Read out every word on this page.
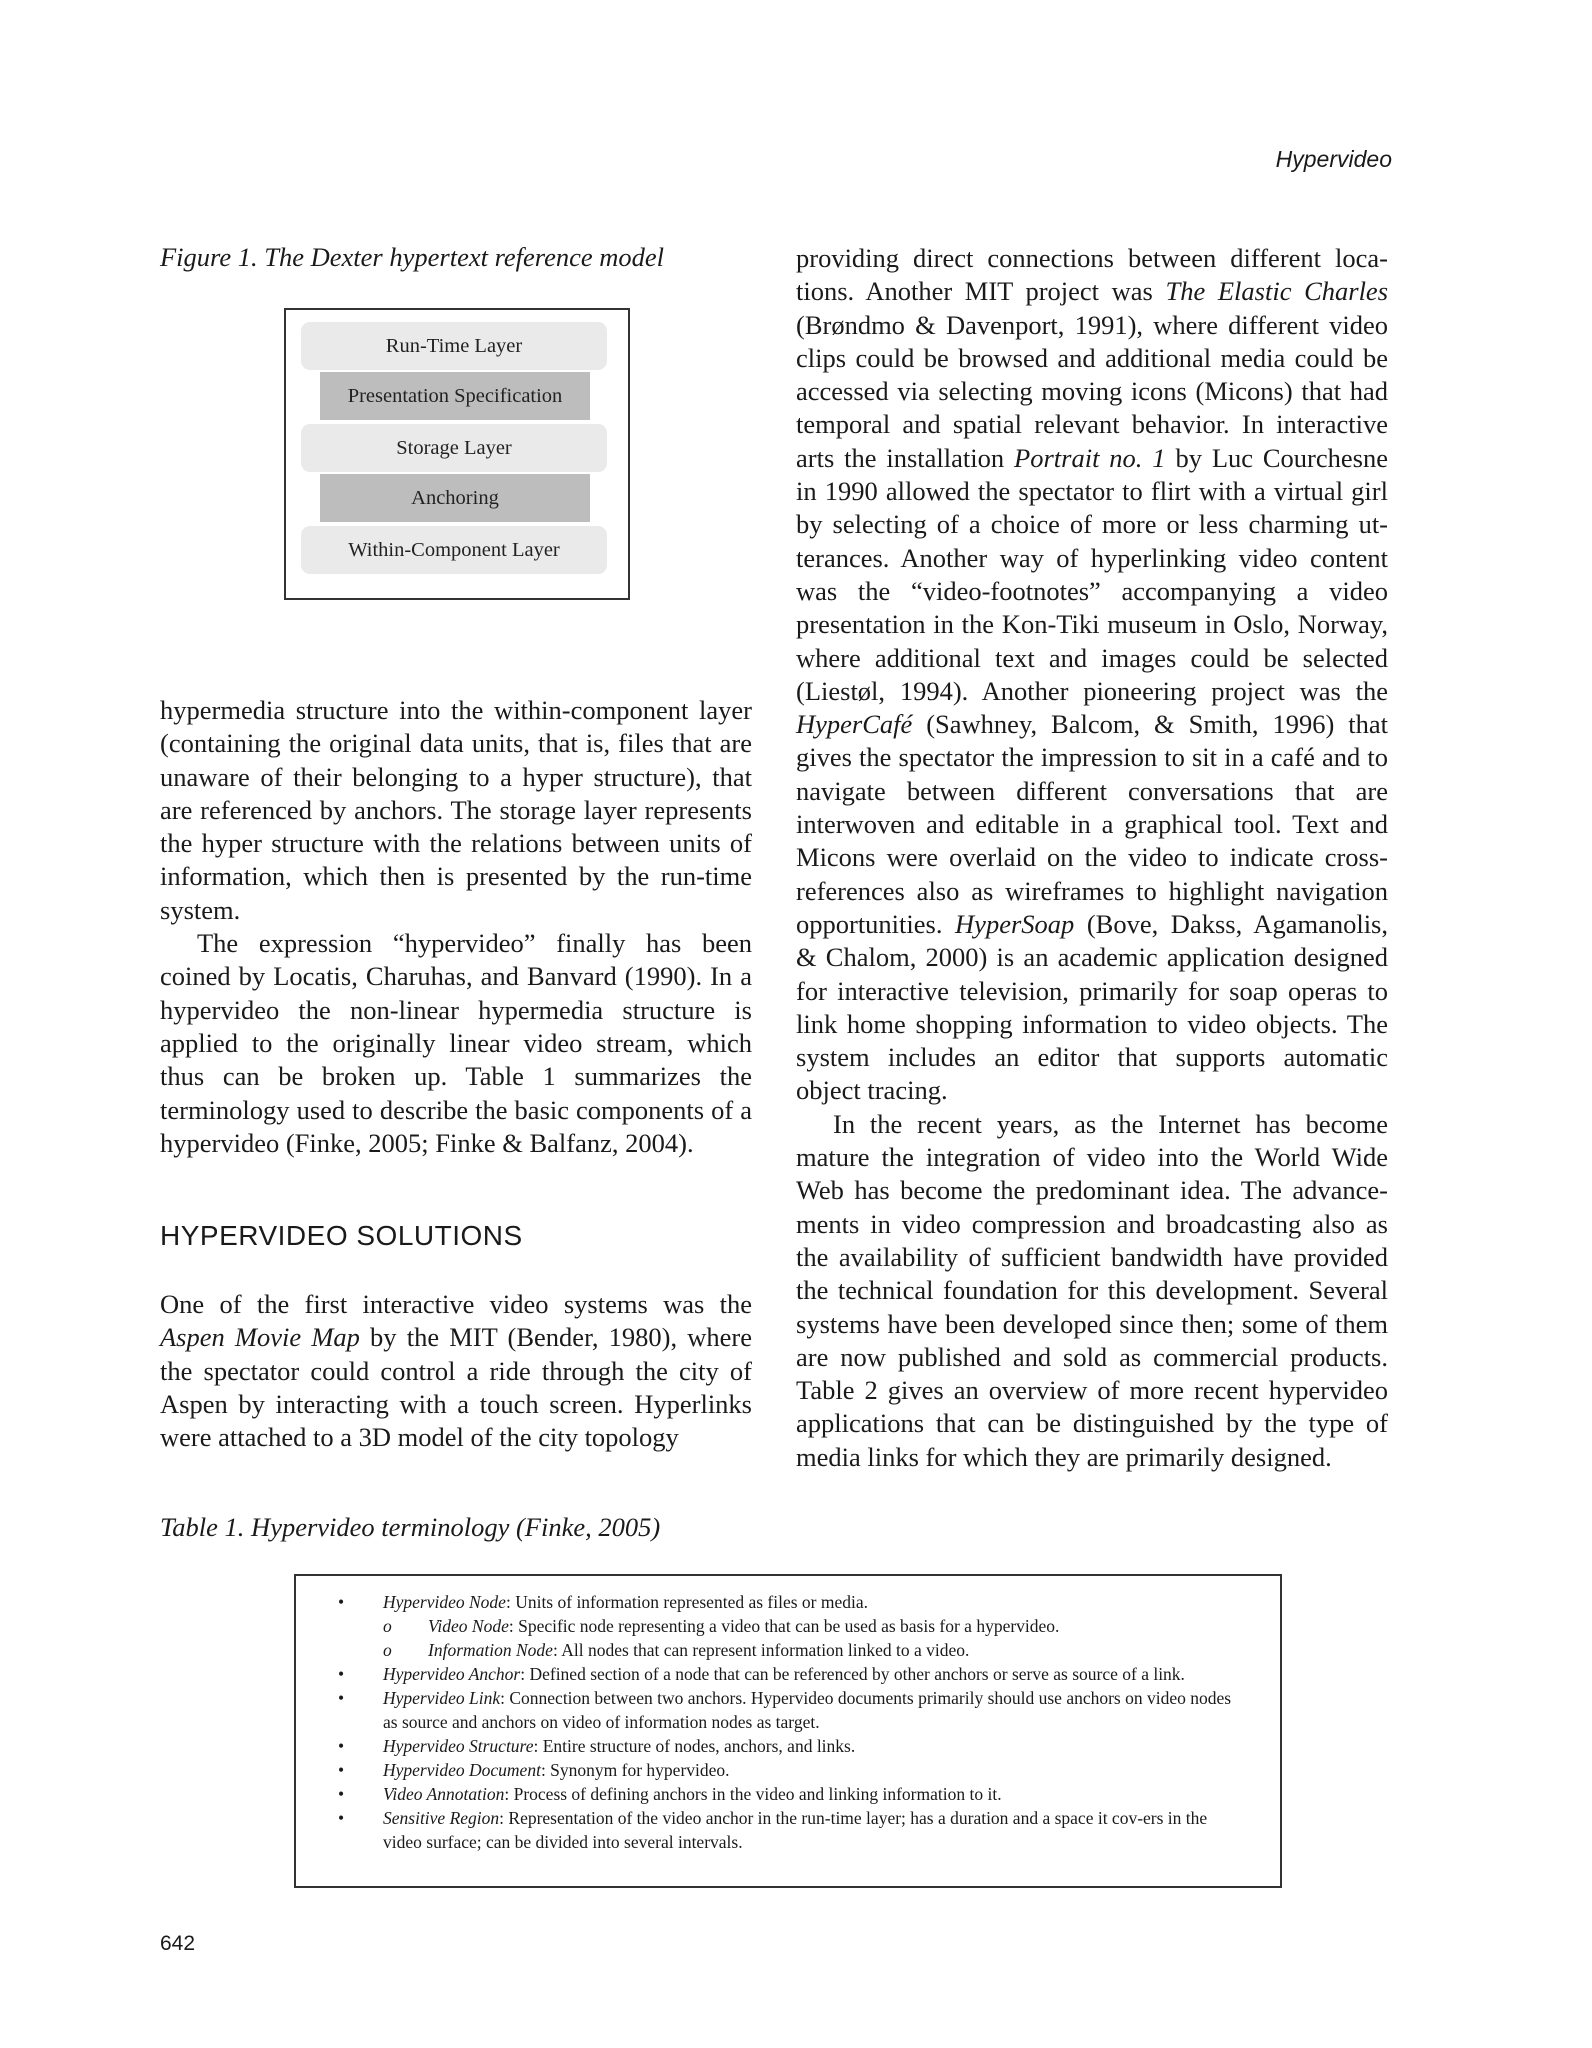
Hypervideo
Figure 1. The Dexter hypertext reference model
Run-Time Layer
Presentation Specification
Storage Layer
Anchoring
Within-Component Layer

hypermedia structure into the within-component layer (containing the original data units, that is, files that are unaware of their belonging to a hyper structure), that are referenced by anchors. The storage layer represents the hyper structure with the relations between units of information, which then is presented by the run-time system.

The expression “hypervideo” finally has been coined by Locatis, Charuhas, and Banvard (1990). In a hypervideo the non-linear hypermedia structure is applied to the originally linear video stream, which thus can be broken up. Table 1 summarizes the terminology used to describe the basic components of a hypervideo (Finke, 2005; Finke & Balfanz, 2004).

HYPERVIDEO SOLUTIONS

One of the first interactive video systems was the Aspen Movie Map by the MIT (Bender, 1980), where the spectator could control a ride through the city of Aspen by interacting with a touch screen. Hyperlinks were attached to a 3D model of the city topology

providing direct connections between different loca-tions. Another MIT project was The Elastic Charles (Brøndmo & Davenport, 1991), where different video clips could be browsed and additional media could be accessed via selecting moving icons (Micons) that had temporal and spatial relevant behavior. In interactive arts the installation Portrait no. 1 by Luc Courchesne in 1990 allowed the spectator to flirt with a virtual girl by selecting of a choice of more or less charming ut-terances. Another way of hyperlinking video content was the “video-footnotes” accompanying a video presentation in the Kon-Tiki museum in Oslo, Norway, where additional text and images could be selected (Liestøl, 1994). Another pioneering project was the HyperCafé (Sawhney, Balcom, & Smith, 1996) that gives the spectator the impression to sit in a café and to navigate between different conversations that are interwoven and editable in a graphical tool. Text and Micons were overlaid on the video to indicate cross-references also as wireframes to highlight navigation opportunities. HyperSoap (Bove, Dakss, Agamanolis, & Chalom, 2000) is an academic application designed for interactive television, primarily for soap operas to link home shopping information to video objects. The system includes an editor that supports automatic object tracing.

In the recent years, as the Internet has become mature the integration of video into the World Wide Web has become the predominant idea. The advance-ments in video compression and broadcasting also as the availability of sufficient bandwidth have provided the technical foundation for this development. Several systems have been developed since then; some of them are now published and sold as commercial products. Table 2 gives an overview of more recent hypervideo applications that can be distinguished by the type of media links for which they are primarily designed.

Table 1. Hypervideo terminology (Finke, 2005)
• Hypervideo Node: Units of information represented as files or media.
o Video Node: Specific node representing a video that can be used as basis for a hypervideo.
o Information Node: All nodes that can represent information linked to a video.
• Hypervideo Anchor: Defined section of a node that can be referenced by other anchors or serve as source of a link.
• Hypervideo Link: Connection between two anchors. Hypervideo documents primarily should use anchors on video nodes as source and anchors on video of information nodes as target.
• Hypervideo Structure: Entire structure of nodes, anchors, and links.
• Hypervideo Document: Synonym for hypervideo.
• Video Annotation: Process of defining anchors in the video and linking information to it.
• Sensitive Region: Representation of the video anchor in the run-time layer; has a duration and a space it cov-ers in the video surface; can be divided into several intervals.
642
